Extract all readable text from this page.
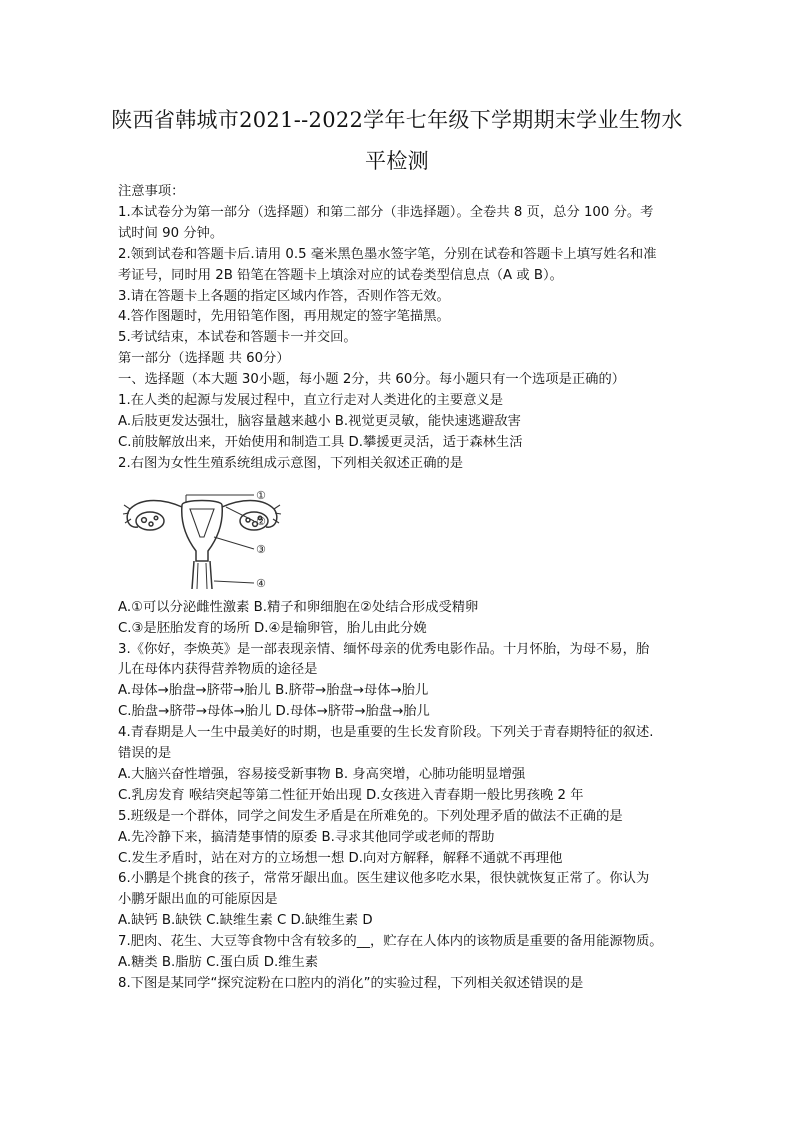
陕西省韩城市2021--2022学年七年级下学期期末学业生物水
平检测
注意事项：
1.本试卷分为第一部分（选择题）和第二部分（非选择题）。全卷共 8 页，总分 100 分。考
试时间 90 分钟。
2.领到试卷和答题卡后.请用 0.5 毫米黑色墨水签字笔，分别在试卷和答题卡上填写姓名和准
考证号，同时用 2B 铅笔在答题卡上填涂对应的试卷类型信息点（A 或 B）。
3.请在答题卡上各题的指定区域内作答，否则作答无效。
4.答作图题时，先用铅笔作图，再用规定的签字笔描黑。
5.考试结束，本试卷和答题卡一并交回。
第一部分（选择题 共 60分）
一、选择题（本大题 30小题，每小题 2分，共 60分。每小题只有一个选项是正确的）
1.在人类的起源与发展过程中，直立行走对人类进化的主要意义是
A.后肢更发达强壮，脑容量越来越小 B.视觉更灵敏，能快速逃避敌害
C.前肢解放出来，开始使用和制造工具 D.攀援更灵活，适于森林生活
2.右图为女性生殖系统组成示意图，下列相关叙述正确的是
①
②
③
④
A.①可以分泌雌性激素 B.精子和卵细胞在②处结合形成受精卵
C.③是胚胎发育的场所 D.④是输卵管，胎儿由此分娩
3.《你好，李焕英》是一部表现亲情、缅怀母亲的优秀电影作品。十月怀胎，为母不易，胎
儿在母体内获得营养物质的途径是
A.母体→胎盘→脐带→胎儿 B.脐带→胎盘→母体→胎儿
C.胎盘→脐带→母体→胎儿 D.母体→脐带→胎盘→胎儿
4.青春期是人一生中最美好的时期，也是重要的生长发育阶段。下列关于青春期特征的叙述.
错误的是
A.大脑兴奋性增强，容易接受新事物 B. 身高突增，心肺功能明显增强
C.乳房发育 喉结突起等第二性征开始出现 D.女孩进入青春期一般比男孩晚 2 年
5.班级是一个群体，同学之间发生矛盾是在所难免的。下列处理矛盾的做法不正确的是
A.先冷静下来，搞清楚事情的原委 B.寻求其他同学或老师的帮助
C.发生矛盾时，站在对方的立场想一想 D.向对方解释，解释不通就不再理他
6.小鹏是个挑食的孩子，常常牙龈出血。医生建议他多吃水果，很快就恢复正常了。你认为
小鹏牙龈出血的可能原因是
A.缺钙 B.缺铁 C.缺维生素 C D.缺维生素 D
7.肥肉、花生、大豆等食物中含有较多的__，贮存在人体内的该物质是重要的备用能源物质。
A.糖类 B.脂肪 C.蛋白质 D.维生素
8.下图是某同学“探究淀粉在口腔内的消化”的实验过程，下列相关叙述错误的是
